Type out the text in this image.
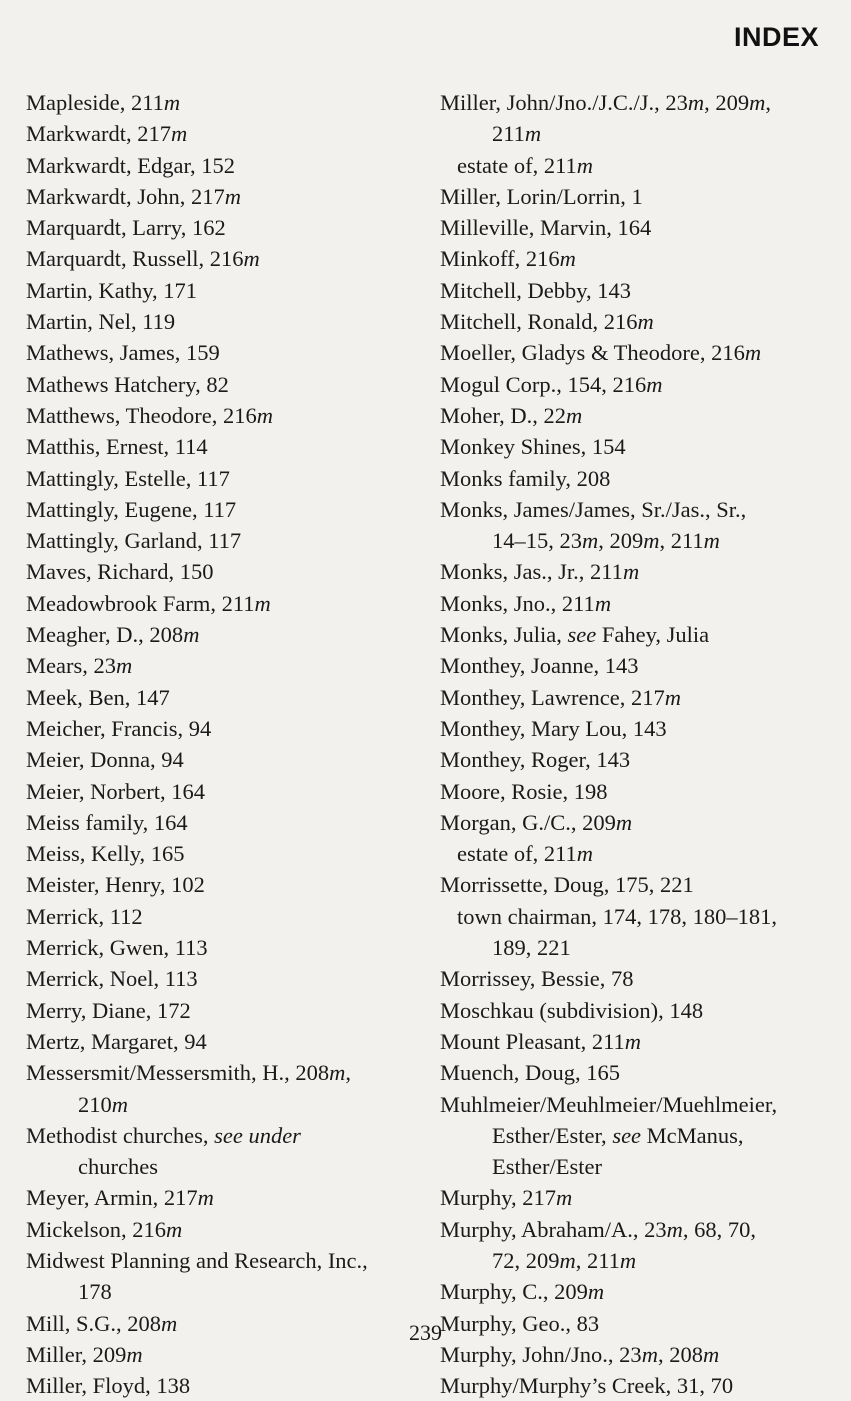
INDEX
Mapleside, 211m
Markwardt, 217m
Markwardt, Edgar, 152
Markwardt, John, 217m
Marquardt, Larry, 162
Marquardt, Russell, 216m
Martin, Kathy, 171
Martin, Nel, 119
Mathews, James, 159
Mathews Hatchery, 82
Matthews, Theodore, 216m
Matthis, Ernest, 114
Mattingly, Estelle, 117
Mattingly, Eugene, 117
Mattingly, Garland, 117
Maves, Richard, 150
Meadowbrook Farm, 211m
Meagher, D., 208m
Mears, 23m
Meek, Ben, 147
Meicher, Francis, 94
Meier, Donna, 94
Meier, Norbert, 164
Meiss family, 164
Meiss, Kelly, 165
Meister, Henry, 102
Merrick, 112
Merrick, Gwen, 113
Merrick, Noel, 113
Merry, Diane, 172
Mertz, Margaret, 94
Messersmit/Messersmith, H., 208m,
210m
Methodist churches, see under
churches
Meyer, Armin, 217m
Mickelson, 216m
Midwest Planning and Research, Inc.,
178
Mill, S.G., 208m
Miller, 209m
Miller, Floyd, 138
Miller, John/Jno./J.C./J., 23m, 209m,
211m
estate of, 211m
Miller, Lorin/Lorrin, 1
Milleville, Marvin, 164
Minkoff, 216m
Mitchell, Debby, 143
Mitchell, Ronald, 216m
Moeller, Gladys & Theodore, 216m
Mogul Corp., 154, 216m
Moher, D., 22m
Monkey Shines, 154
Monks family, 208
Monks, James/James, Sr./Jas., Sr.,
14–15, 23m, 209m, 211m
Monks, Jas., Jr., 211m
Monks, Jno., 211m
Monks, Julia, see Fahey, Julia
Monthey, Joanne, 143
Monthey, Lawrence, 217m
Monthey, Mary Lou, 143
Monthey, Roger, 143
Moore, Rosie, 198
Morgan, G./C., 209m
estate of, 211m
Morrissette, Doug, 175, 221
town chairman, 174, 178, 180–181,
189, 221
Morrissey, Bessie, 78
Moschkau (subdivision), 148
Mount Pleasant, 211m
Muench, Doug, 165
Muhlmeier/Meuhlmeier/Muehlmeier,
Esther/Ester, see McManus,
Esther/Ester
Murphy, 217m
Murphy, Abraham/A., 23m, 68, 70,
72, 209m, 211m
Murphy, C., 209m
Murphy, Geo., 83
Murphy, John/Jno., 23m, 208m
Murphy/Murphy’s Creek, 31, 70
239
